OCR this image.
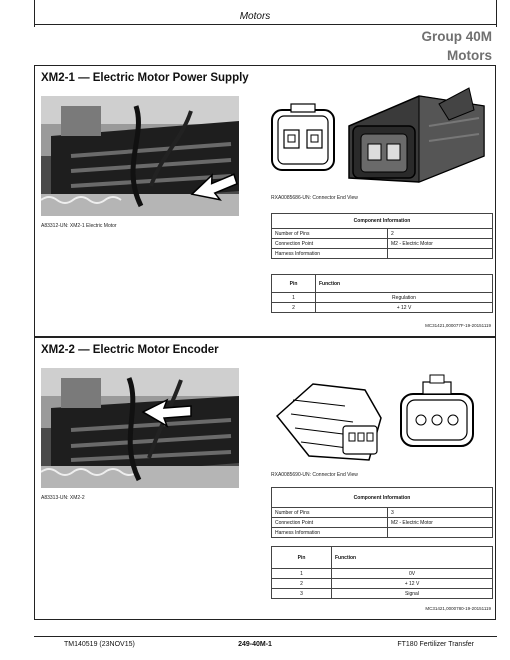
Motors
Group 40M
Motors
XM2-1 — Electric Motor Power Supply
A83312-UN: XM2-1 Electric Motor
RXA0085686-UN: Connector End View
Component Information	
Number of Pins	2
Connection Point	M2 - Electric Motor
Harness Information	
Pin	Function
1	Regulation
2	+ 12 V
MC31421,000077F-19-20151119
XM2-2 — Electric Motor Encoder
A83313-UN: XM2-2
RXA0085690-UN: Connector End View
Component Information	
Number of Pins	3
Connection Point	M2 - Electric Motor
Harness Information	
Pin	Function
1	0V
2	+ 12 V
3	Signal
MC31421,0000780-19-20151119
TM140519 (23NOV15)	249-40M-1	FT180 Fertilizer Transfer
